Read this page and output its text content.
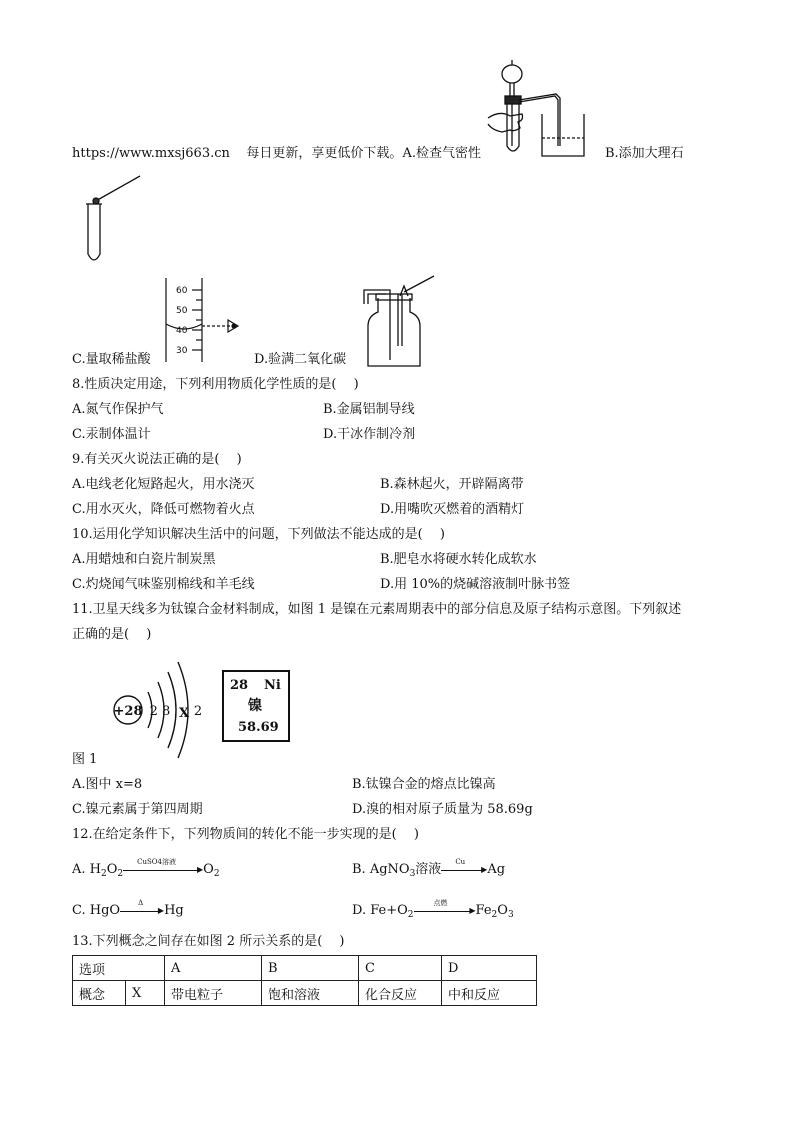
https://www.mxsj663.cn 每日更新，享更低价下载。A.检查气密性	B.添加大理石
60
50
40
30
C.量取稀盐酸	D.验满二氧化碳
8.性质决定用途，下列利用物质化学性质的是(　 )
A.氮气作保护气	B.金属铝制导线
C.汞制体温计	D.干冰作制冷剂
9.有关灭火说法正确的是(　 )
A.电线老化短路起火，用水浇灭	B.森林起火，开辟隔离带
C.用水灭火，降低可燃物着火点	D.用嘴吹灭燃着的酒精灯
10.运用化学知识解决生活中的问题，下列做法不能达成的是(　 )
A.用蜡烛和白瓷片制炭黑	B.肥皂水将硬水转化成软水
C.灼烧闻气味鉴别棉线和羊毛线	D.用 10%的烧碱溶液制叶脉书签
11.卫星天线多为钛镍合金材料制成，如图 1 是镍在元素周期表中的部分信息及原子结构示意图。下列叙述
正确的是(　 )
+28 2 8 X 2
28 Ni
镍
58.69
图 1
A.图中 x=8	B.钛镍合金的熔点比镍高
C.镍元素属于第四周期	D.溴的相对原子质量为 58.69g
12.在给定条件下，下列物质间的转化不能一步实现的是(　 )
A. $H_2O_2$
CuSO4溶液
▶ $O_2$	B. AgNO$_3$溶液
Cu
▶ Ag
C. HgO
Δ
▶ Hg	D. $Fe+O_2$
点燃
▶ $Fe_2O_3$
13.下列概念之间存在如图 2 所示关系的是(　 )
选项		A	B	C	D
概念	X	带电粒子	饱和溶液	化合反应	中和反应
